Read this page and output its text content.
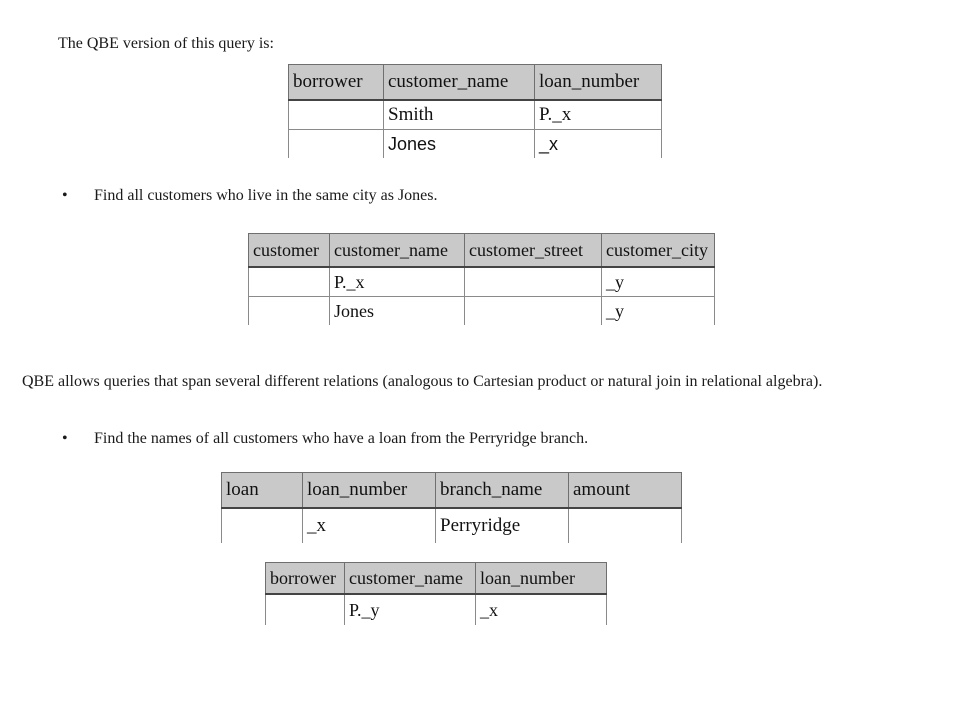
The QBE version of this query is:
borrower	customer_name	loan_number
	Smith	P._x
	Jones	_x
• Find all customers who live in the same city as Jones.
customer	customer_name	customer_street	customer_city
	P._x		_y
	Jones		_y
QBE allows queries that span several different relations (analogous to Cartesian product or natural join in relational algebra).
• Find the names of all customers who have a loan from the Perryridge branch.
loan	loan_number	branch_name	amount
	_x	Perryridge	
borrower	customer_name	loan_number
	P._y	_x
